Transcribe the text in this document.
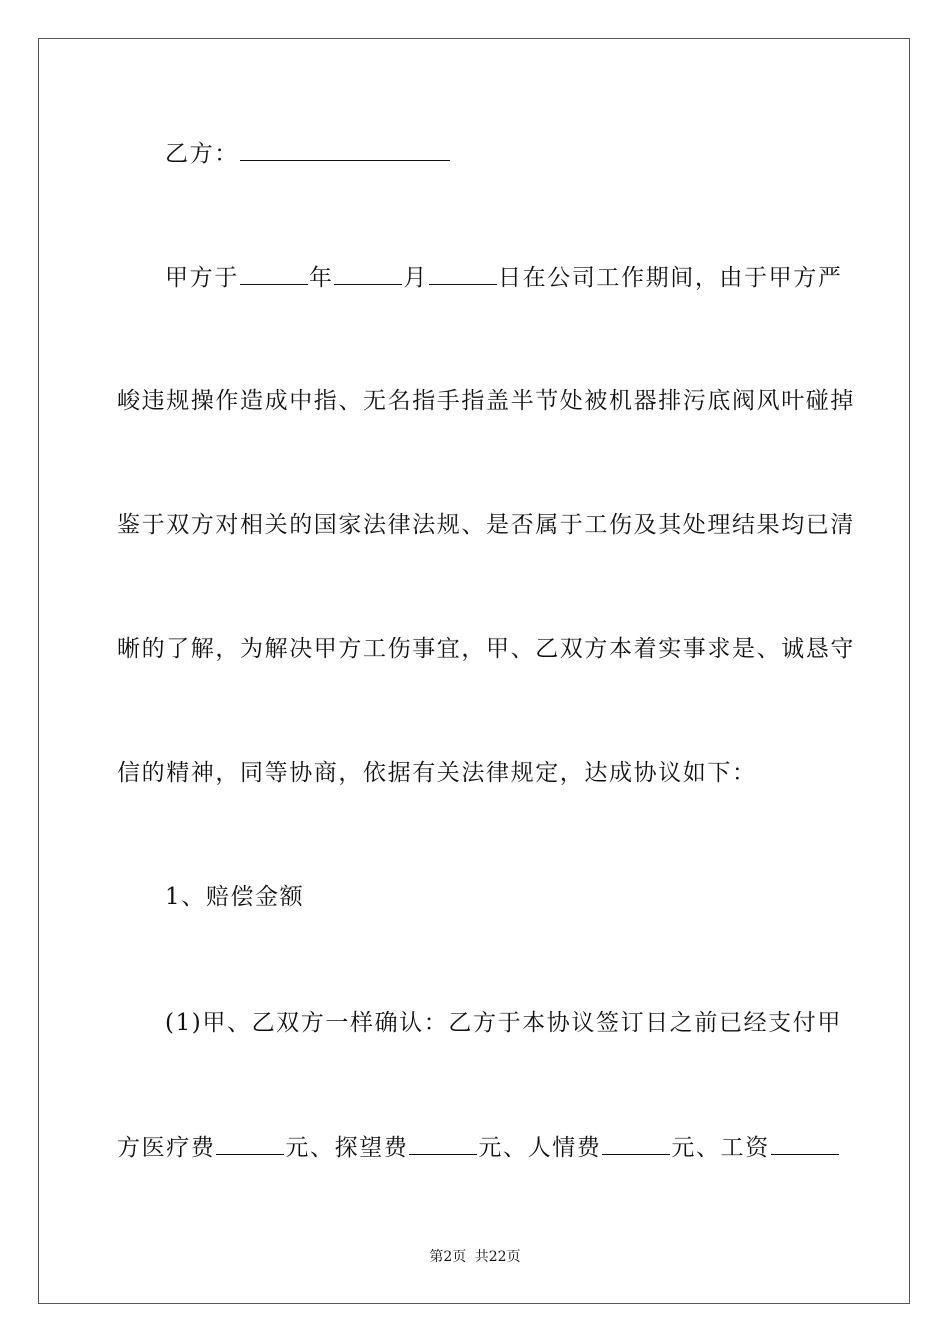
乙方：
甲方于	年	月	日在公司工作期间，由于甲方严
峻违规操作造成中指、无名指手指盖半节处被机器排污底阀风叶碰掉
鉴于双方对相关的国家法律法规、是否属于工伤及其处理结果均已清
晰的了解，为解决甲方工伤事宜，甲、乙双方本着实事求是、诚恳守
信的精神，同等协商，依据有关法律规定，达成协议如下：
1、赔偿金额
(1)甲、乙双方一样确认：乙方于本协议签订日之前已经支付甲
方医疗费	元、探望费	元、人情费	元、工资
第2页 共22页
